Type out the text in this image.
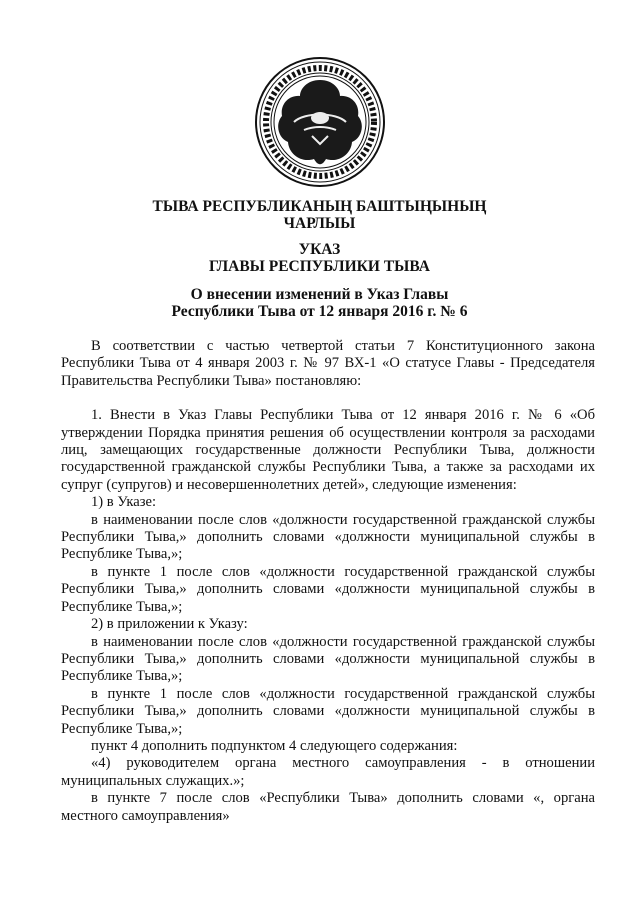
ТЫВА РЕСПУБЛИКАНЫҢ БАШТЫҢЫНЫҢ
ЧАРЛЫЫ
УКАЗ
ГЛАВЫ РЕСПУБЛИКИ ТЫВА
О внесении изменений в Указ Главы
Республики Тыва от 12 января 2016 г. № 6

В соответствии с частью четвертой статьи 7 Конституционного закона Республики Тыва от 4 января 2003 г. № 97 ВХ-1 «О статусе Главы - Председателя Правительства Республики Тыва» постановляю:

1. Внести в Указ Главы Республики Тыва от 12 января 2016 г. № 6 «Об утверждении Порядка принятия решения об осуществлении контроля за расходами лиц, замещающих государственные должности Республики Тыва, должности государственной гражданской службы Республики Тыва, а также за расходами их супруг (супругов) и несовершеннолетних детей», следующие изменения:

1) в Указе:

в наименовании после слов «должности государственной гражданской службы Республики Тыва,» дополнить словами «должности муниципальной службы в Республике Тыва,»;

в пункте 1 после слов «должности государственной гражданской службы Республики Тыва,» дополнить словами «должности муниципальной службы в Республике Тыва,»;

2) в приложении к Указу:

в наименовании после слов «должности государственной гражданской службы Республики Тыва,» дополнить словами «должности муниципальной службы в Республике Тыва,»;

в пункте 1 после слов «должности государственной гражданской службы Республики Тыва,» дополнить словами «должности муниципальной службы в Республике Тыва,»;

пункт 4 дополнить подпунктом 4 следующего содержания:

«4) руководителем органа местного самоуправления - в отношении муниципальных служащих.»;

в пункте 7 после слов «Республики Тыва» дополнить словами «, органа местного самоуправления»
